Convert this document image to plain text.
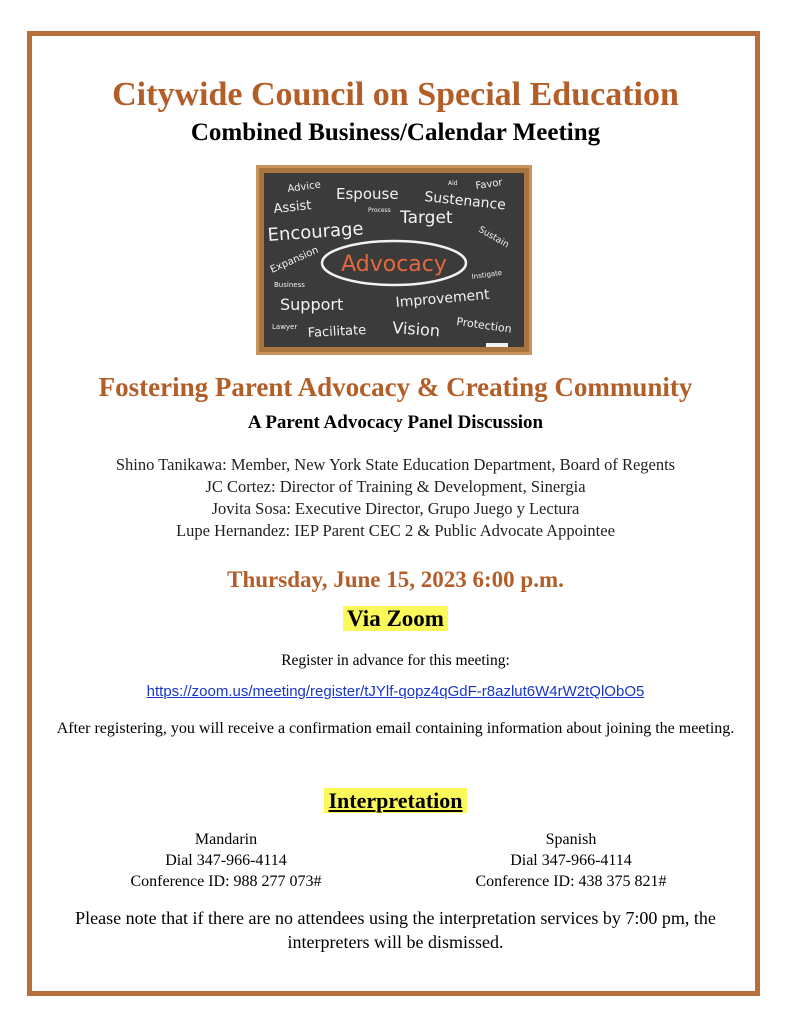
Citywide Council on Special Education
Combined Business/Calendar Meeting
Advice	Aid Favor
Assist
Espouse
Process Sustenance
Encourage
Target
Sustain
Expansion	Instigate
Business
Support	Improvement
Lawyer Facilitate Vision Protection
Advocacy
Fostering Parent Advocacy & Creating Community
A Parent Advocacy Panel Discussion
Shino Tanikawa: Member, New York State Education Department, Board of Regents
JC Cortez: Director of Training & Development, Sinergia
Jovita Sosa: Executive Director, Grupo Juego y Lectura
Lupe Hernandez: IEP Parent CEC 2 & Public Advocate Appointee
Thursday, June 15, 2023 6:00 p.m.
Via Zoom
Register in advance for this meeting:
https://zoom.us/meeting/register/tJYlf-qopz4qGdF-r8azlut6W4rW2tQlObO5
After registering, you will receive a confirmation email containing information about joining the meeting.
Interpretation
Mandarin
Dial 347-966-4114
Conference ID: 988 277 073#
Spanish
Dial 347-966-4114
Conference ID: 438 375 821#
Please note that if there are no attendees using the interpretation services by 7:00 pm, the interpreters will be dismissed.
